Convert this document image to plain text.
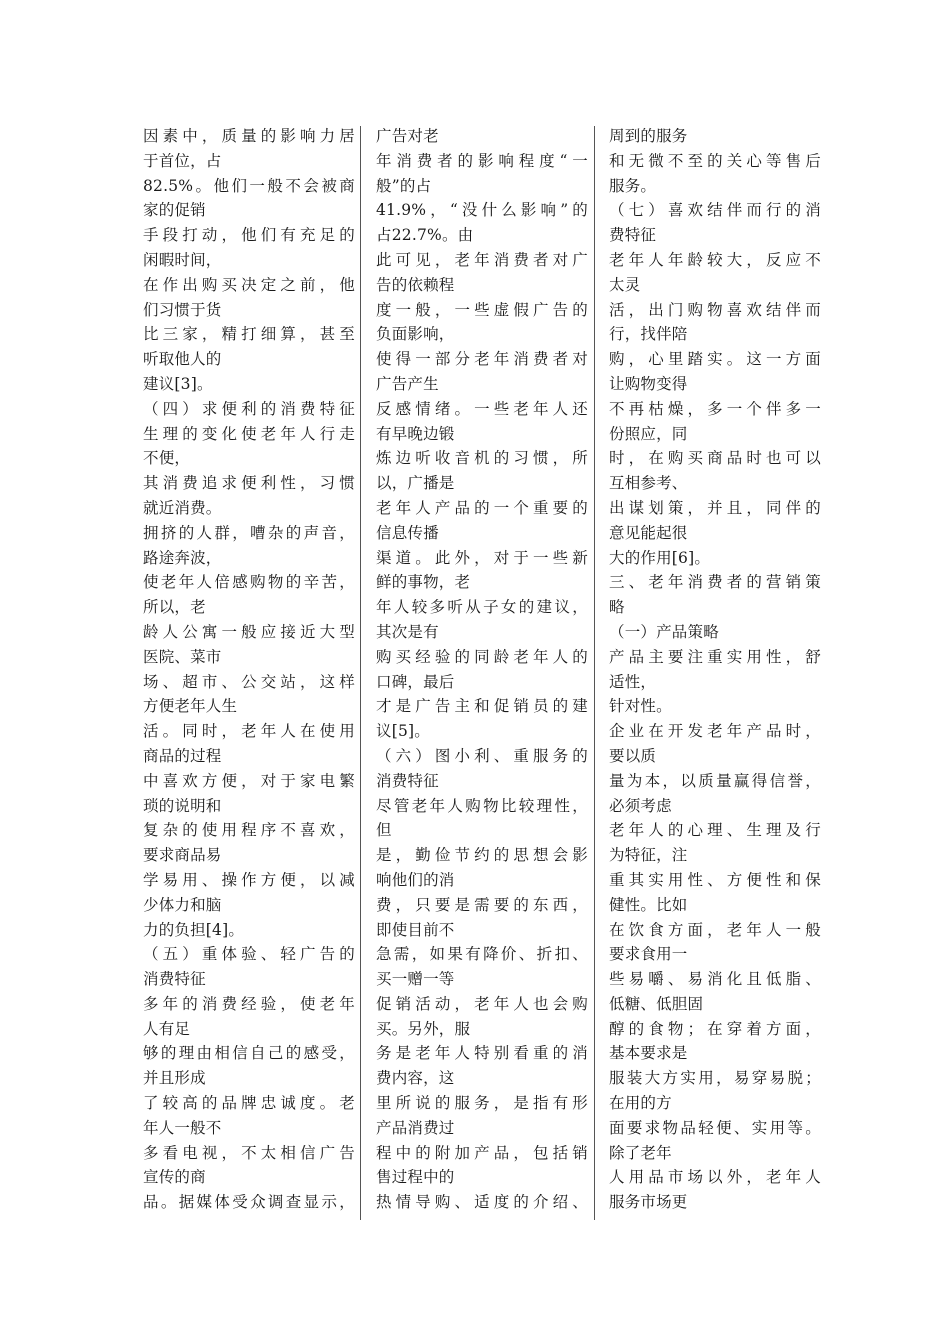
因素中，质量的影响力居
于首位，占
82.5%。他们一般不会被商
家的促销
手段打动，他们有充足的
闲暇时间，
在作出购买决定之前，他
们习惯于货
比三家，精打细算，甚至
听取他人的
建议[3]。
（四）求便利的消费特征
生理的变化使老年人行走
不便，
其消费追求便利性，习惯
就近消费。
拥挤的人群，嘈杂的声音，
路途奔波，
使老年人倍感购物的辛苦，
所以，老
龄人公寓一般应接近大型
医院、菜市
场、超市、公交站，这样
方便老年人生
活。同时，老年人在使用
商品的过程
中喜欢方便，对于家电繁
琐的说明和
复杂的使用程序不喜欢，
要求商品易
学易用、操作方便，以减
少体力和脑
力的负担[4]。
（五）重体验、轻广告的
消费特征
多年的消费经验，使老年
人有足
够的理由相信自己的感受，
并且形成
了较高的品牌忠诚度。老
年人一般不
多看电视，不太相信广告
宣传的商
品。据媒体受众调查显示，
广告对老
年消费者的影响程度“一
般”的占
41.9%，“没什么影响”的
占22.7%。由
此可见，老年消费者对广
告的依赖程
度一般，一些虚假广告的
负面影响，
使得一部分老年消费者对
广告产生
反感情绪。一些老年人还
有早晚边锻
炼边听收音机的习惯，所
以，广播是
老年人产品的一个重要的
信息传播
渠道。此外，对于一些新
鲜的事物，老
年人较多听从子女的建议，
其次是有
购买经验的同龄老年人的
口碑，最后
才是广告主和促销员的建
议[5]。
（六）图小利、重服务的
消费特征
尽管老年人购物比较理性，
但
是，勤俭节约的思想会影
响他们的消
费，只要是需要的东西，
即使目前不
急需，如果有降价、折扣、
买一赠一等
促销活动，老年人也会购
买。另外，服
务是老年人特别看重的消
费内容，这
里所说的服务，是指有形
产品消费过
程中的附加产品，包括销
售过程中的
热情导购、适度的介绍、
周到的服务
和无微不至的关心等售后
服务。
（七）喜欢结伴而行的消
费特征
老年人年龄较大，反应不
太灵
活，出门购物喜欢结伴而
行，找伴陪
购，心里踏实。这一方面
让购物变得
不再枯燥，多一个伴多一
份照应，同
时，在购买商品时也可以
互相参考、
出谋划策，并且，同伴的
意见能起很
大的作用[6]。
三、老年消费者的营销策
略
（一）产品策略
产品主要注重实用性，舒
适性，
针对性。
企业在开发老年产品时，
要以质
量为本，以质量赢得信誉，
必须考虑
老年人的心理、生理及行
为特征，注
重其实用性、方便性和保
健性。比如
在饮食方面，老年人一般
要求食用一
些易嚼、易消化且低脂、
低糖、低胆固
醇的食物；在穿着方面，
基本要求是
服装大方实用，易穿易脱；
在用的方
面要求物品轻便、实用等。
除了老年
人用品市场以外，老年人
服务市场更
